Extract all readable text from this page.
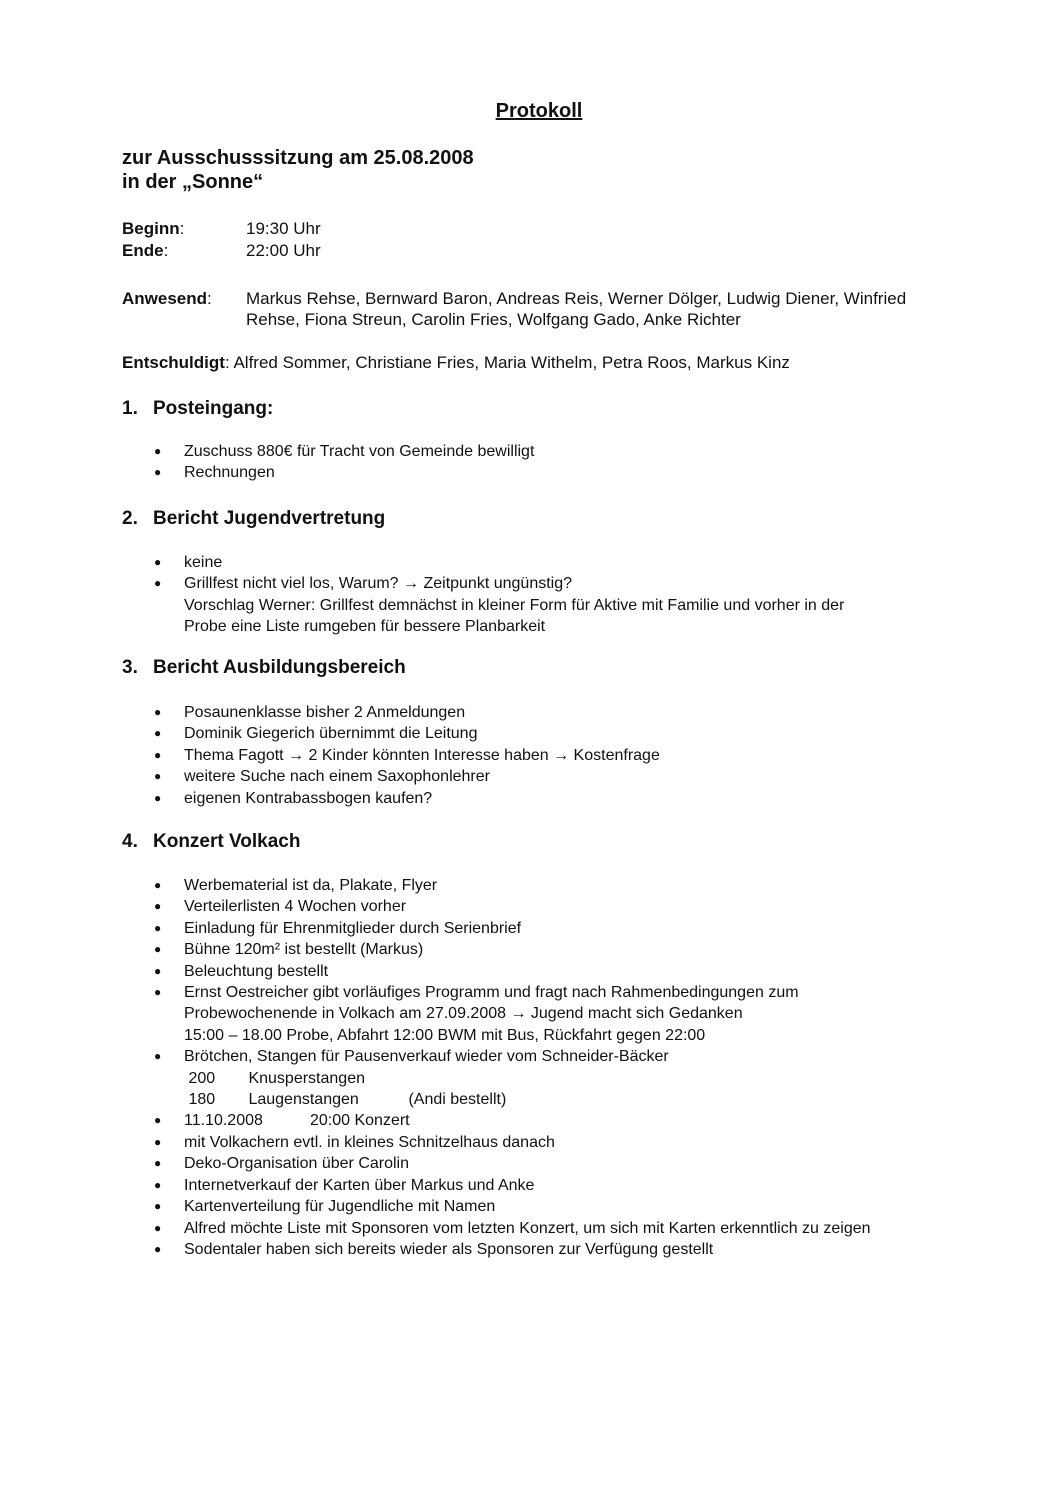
Protokoll
zur Ausschusssitzung am 25.08.2008
in der „Sonne“
Beginn:	19:30 Uhr
Ende:	22:00 Uhr
Anwesend: Markus Rehse, Bernward Baron, Andreas Reis, Werner Dölger, Ludwig Diener, Winfried Rehse, Fiona Streun, Carolin Fries, Wolfgang Gado, Anke Richter
Entschuldigt: Alfred Sommer, Christiane Fries, Maria Withelm, Petra Roos, Markus Kinz
1. Posteingang:
● Zuschuss 880€ für Tracht von Gemeinde bewilligt
● Rechnungen
2. Bericht Jugendvertretung
● keine
● Grillfest nicht viel los, Warum? → Zeitpunkt ungünstig?
Vorschlag Werner: Grillfest demnächst in kleiner Form für Aktive mit Familie und vorher in der
Probe eine Liste rumgeben für bessere Planbarkeit
3. Bericht Ausbildungsbereich
● Posaunenklasse bisher 2 Anmeldungen
● Dominik Giegerich übernimmt die Leitung
● Thema Fagott → 2 Kinder könnten Interesse haben → Kostenfrage
● weitere Suche nach einem Saxophonlehrer
● eigenen Kontrabassbogen kaufen?
4. Konzert Volkach
● Werbematerial ist da, Plakate, Flyer
● Verteilerlisten 4 Wochen vorher
● Einladung für Ehrenmitglieder durch Serienbrief
● Bühne 120m² ist bestellt (Markus)
● Beleuchtung bestellt
● Ernst Oestreicher gibt vorläufiges Programm und fragt nach Rahmenbedingungen zum
Probewochenende in Volkach am 27.09.2008 → Jugend macht sich Gedanken
15:00 – 18.00 Probe, Abfahrt 12:00 BWM mit Bus, Rückfahrt gegen 22:00
● Brötchen, Stangen für Pausenverkauf wieder vom Schneider-Bäcker
200 Knusperstangen
180 Laugenstangen	(Andi bestellt)
● 11.10.2008	20:00 Konzert
● mit Volkachern evtl. in kleines Schnitzelhaus danach
● Deko-Organisation über Carolin
● Internetverkauf der Karten über Markus und Anke
● Kartenverteilung für Jugendliche mit Namen
● Alfred möchte Liste mit Sponsoren vom letzten Konzert, um sich mit Karten erkenntlich zu zeigen
● Sodentaler haben sich bereits wieder als Sponsoren zur Verfügung gestellt
